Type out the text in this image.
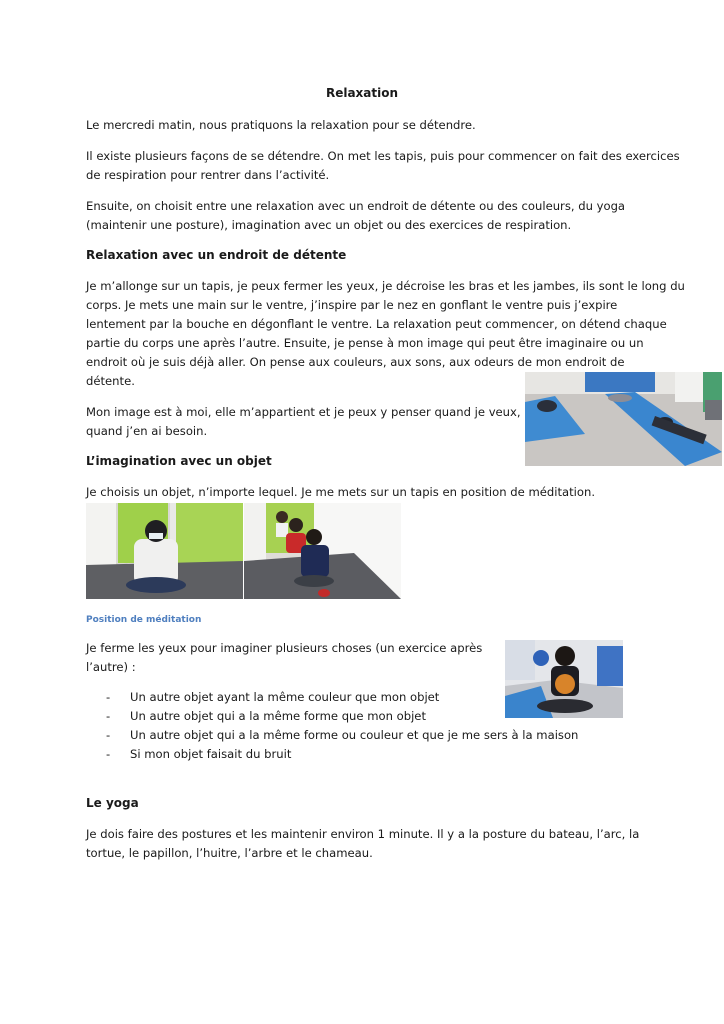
Relaxation

Le mercredi matin, nous pratiquons la relaxation pour se détendre.

Il existe plusieurs façons de se détendre. On met les tapis, puis pour commencer on fait des exercices

de respiration pour rentrer dans l’activité.

Ensuite, on choisit entre une relaxation avec un endroit de détente ou des couleurs, du yoga

(maintenir une posture), imagination avec un objet ou des exercices de respiration.

Relaxation avec un endroit de détente

Je m’allonge sur un tapis, je peux fermer les yeux, je décroise les bras et les jambes, ils sont le long du

corps. Je mets une main sur le ventre, j’inspire par le nez en gonflant le ventre puis j’expire

lentement par la bouche en dégonflant le ventre. La relaxation peut commencer, on détend chaque

partie du corps une après l’autre. Ensuite, je pense à mon image qui peut être imaginaire ou un

endroit où je suis déjà aller. On pense aux couleurs, aux sons, aux odeurs de mon endroit de

détente.

Mon image est à moi, elle m’appartient et je peux y penser quand je veux,

quand j’en ai besoin.

L’imagination avec un objet

Je choisis un objet, n’importe lequel. Je me mets sur un tapis en position de méditation.

Position de méditation

Je ferme les yeux pour imaginer plusieurs choses (un exercice après

l’autre) :

- Un autre objet ayant la même couleur que mon objet
- Un autre objet qui a la même forme que mon objet
- Un autre objet qui a la même forme ou couleur et que je me sers à la maison
- Si mon objet faisait du bruit
Le yoga

Je dois faire des postures et les maintenir environ 1 minute. Il y a la posture du bateau, l’arc, la

tortue, le papillon, l’huitre, l’arbre et le chameau.
